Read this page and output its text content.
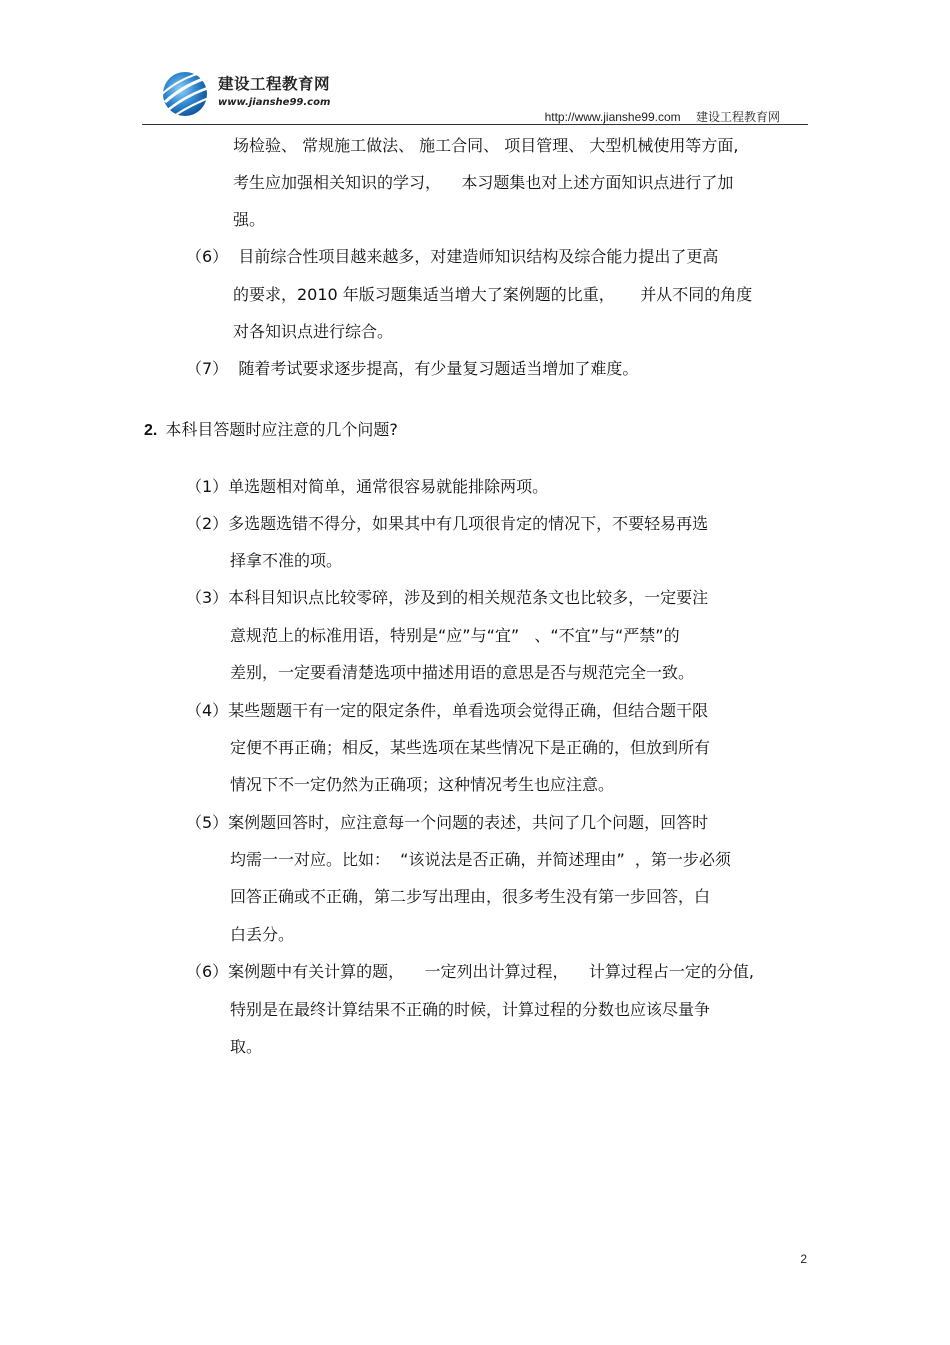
建设工程教育网
www.jianshe99.com
http://www.jianshe99.com 建设工程教育网
场检验、 常规施工做法、 施工合同、 项目管理、 大型机械使用等方面,
考生应加强相关知识的学习，    本习题集也对上述方面知识点进行了加
强。
（6）  目前综合性项目越来越多，对建造师知识结构及综合能力提出了更高
的要求，2010 年版习题集适当增大了案例题的比重，     并从不同的角度
对各知识点进行综合。
（7）  随着考试要求逐步提高，有少量复习题适当增加了难度。
2. 本科目答题时应注意的几个问题?
（1）单选题相对简单，通常很容易就能排除两项。
（2）多选题选错不得分，如果其中有几项很肯定的情况下，不要轻易再选
择拿不准的项。
（3）本科目知识点比较零碎，涉及到的相关规范条文也比较多，一定要注
意规范上的标准用语，特别是“应”与“宜”   、“不宜”与“严禁”的
差别，一定要看清楚选项中描述用语的意思是否与规范完全一致。
（4）某些题题干有一定的限定条件，单看选项会觉得正确，但结合题干限
定便不再正确；相反，某些选项在某些情况下是正确的，但放到所有
情况下不一定仍然为正确项；这种情况考生也应注意。
（5）案例题回答时，应注意每一个问题的表述，共问了几个问题，回答时
均需一一对应。比如：  “该说法是否正确，并简述理由”  ，第一步必须
回答正确或不正确，第二步写出理由，很多考生没有第一步回答，白
白丢分。
（6）案例题中有关计算的题，    一定列出计算过程，    计算过程占一定的分值,
特别是在最终计算结果不正确的时候，计算过程的分数也应该尽量争
取。
2
